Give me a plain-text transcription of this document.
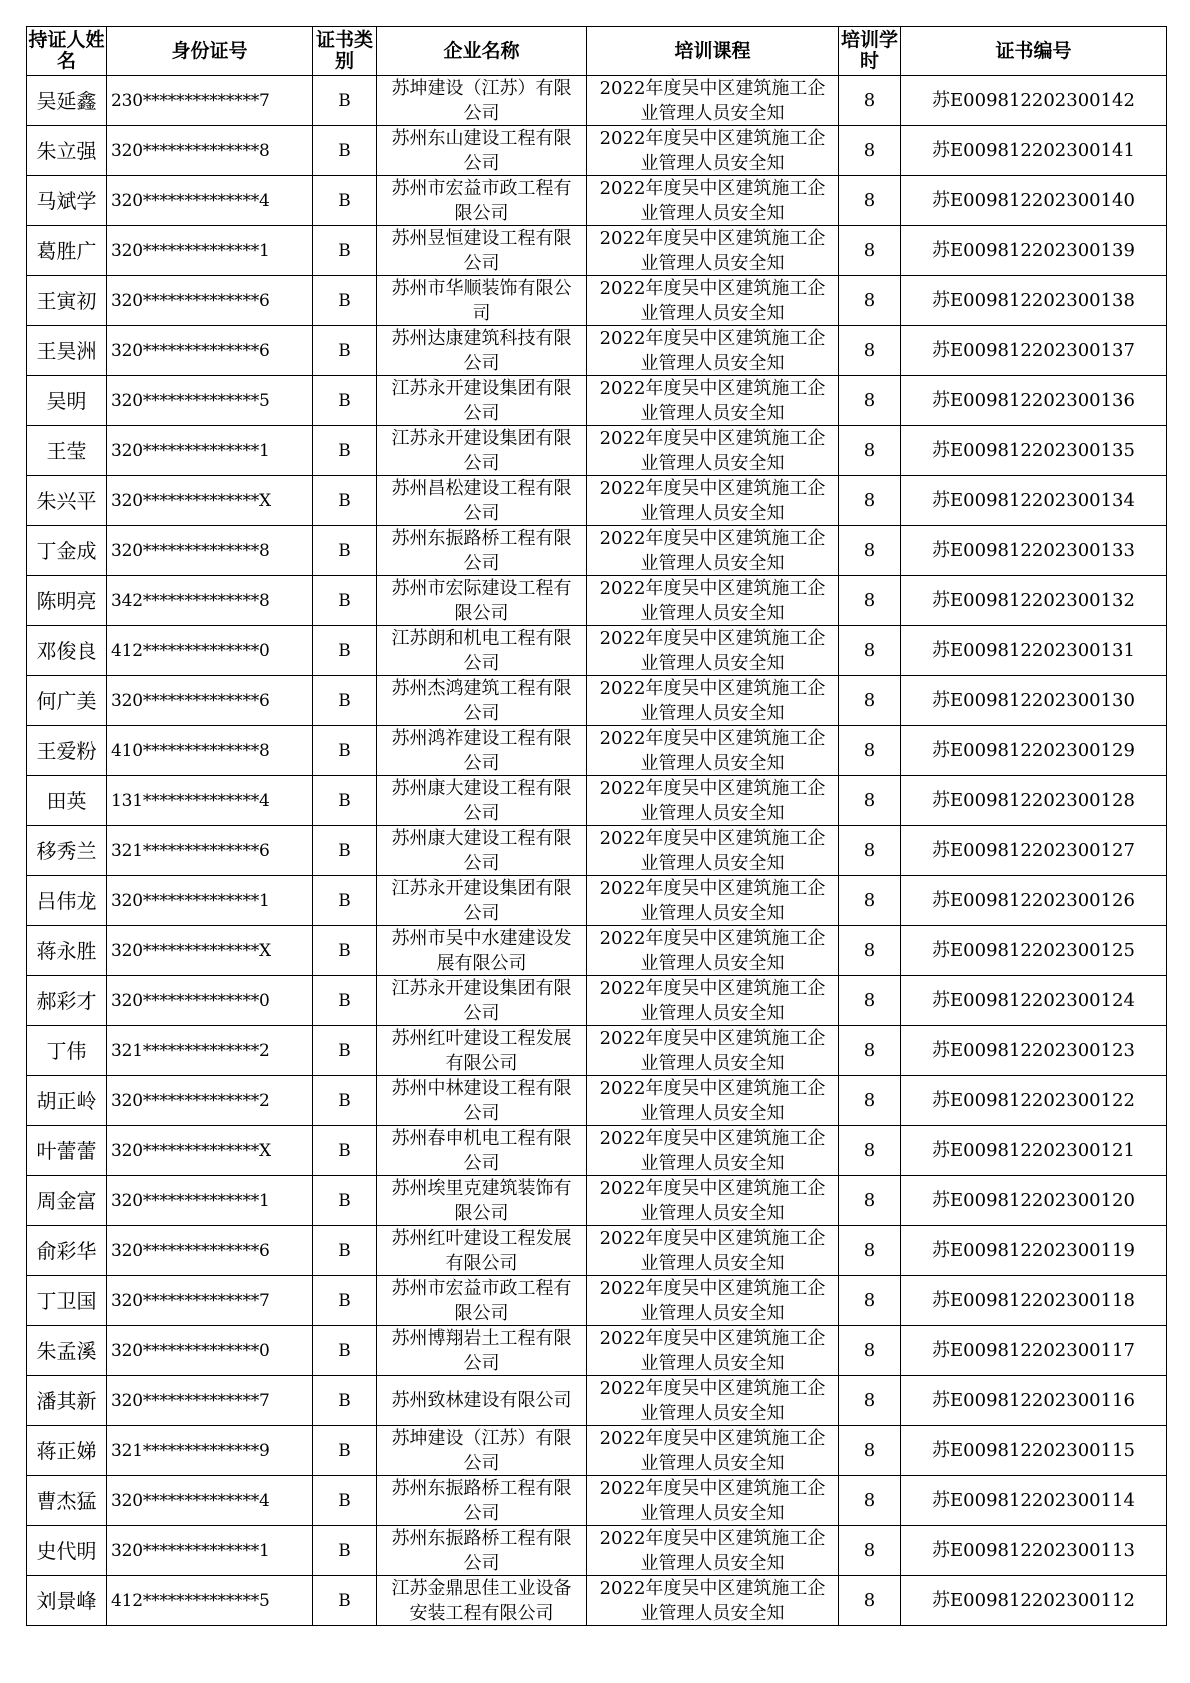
持证人姓名	身份证号	证书类别	企业名称	培训课程	培训学时	证书编号
吴延鑫	230**************7	B	苏坤建设（江苏）有限公司	2022年度吴中区建筑施工企业管理人员安全知	8	苏E009812202300142
朱立强	320**************8	B	苏州东山建设工程有限公司	2022年度吴中区建筑施工企业管理人员安全知	8	苏E009812202300141
马斌学	320**************4	B	苏州市宏益市政工程有限公司	2022年度吴中区建筑施工企业管理人员安全知	8	苏E009812202300140
葛胜广	320**************1	B	苏州昱恒建设工程有限公司	2022年度吴中区建筑施工企业管理人员安全知	8	苏E009812202300139
王寅初	320**************6	B	苏州市华顺装饰有限公司	2022年度吴中区建筑施工企业管理人员安全知	8	苏E009812202300138
王昊洲	320**************6	B	苏州达康建筑科技有限公司	2022年度吴中区建筑施工企业管理人员安全知	8	苏E009812202300137
吴明	320**************5	B	江苏永开建设集团有限公司	2022年度吴中区建筑施工企业管理人员安全知	8	苏E009812202300136
王莹	320**************1	B	江苏永开建设集团有限公司	2022年度吴中区建筑施工企业管理人员安全知	8	苏E009812202300135
朱兴平	320**************X	B	苏州昌松建设工程有限公司	2022年度吴中区建筑施工企业管理人员安全知	8	苏E009812202300134
丁金成	320**************8	B	苏州东振路桥工程有限公司	2022年度吴中区建筑施工企业管理人员安全知	8	苏E009812202300133
陈明亮	342**************8	B	苏州市宏际建设工程有限公司	2022年度吴中区建筑施工企业管理人员安全知	8	苏E009812202300132
邓俊良	412**************0	B	江苏朗和机电工程有限公司	2022年度吴中区建筑施工企业管理人员安全知	8	苏E009812202300131
何广美	320**************6	B	苏州杰鸿建筑工程有限公司	2022年度吴中区建筑施工企业管理人员安全知	8	苏E009812202300130
王爱粉	410**************8	B	苏州鸿祚建设工程有限公司	2022年度吴中区建筑施工企业管理人员安全知	8	苏E009812202300129
田英	131**************4	B	苏州康大建设工程有限公司	2022年度吴中区建筑施工企业管理人员安全知	8	苏E009812202300128
移秀兰	321**************6	B	苏州康大建设工程有限公司	2022年度吴中区建筑施工企业管理人员安全知	8	苏E009812202300127
吕伟龙	320**************1	B	江苏永开建设集团有限公司	2022年度吴中区建筑施工企业管理人员安全知	8	苏E009812202300126
蒋永胜	320**************X	B	苏州市吴中水建建设发展有限公司	2022年度吴中区建筑施工企业管理人员安全知	8	苏E009812202300125
郝彩才	320**************0	B	江苏永开建设集团有限公司	2022年度吴中区建筑施工企业管理人员安全知	8	苏E009812202300124
丁伟	321**************2	B	苏州红叶建设工程发展有限公司	2022年度吴中区建筑施工企业管理人员安全知	8	苏E009812202300123
胡正岭	320**************2	B	苏州中林建设工程有限公司	2022年度吴中区建筑施工企业管理人员安全知	8	苏E009812202300122
叶蕾蕾	320**************X	B	苏州春申机电工程有限公司	2022年度吴中区建筑施工企业管理人员安全知	8	苏E009812202300121
周金富	320**************1	B	苏州埃里克建筑装饰有限公司	2022年度吴中区建筑施工企业管理人员安全知	8	苏E009812202300120
俞彩华	320**************6	B	苏州红叶建设工程发展有限公司	2022年度吴中区建筑施工企业管理人员安全知	8	苏E009812202300119
丁卫国	320**************7	B	苏州市宏益市政工程有限公司	2022年度吴中区建筑施工企业管理人员安全知	8	苏E009812202300118
朱孟溪	320**************0	B	苏州博翔岩土工程有限公司	2022年度吴中区建筑施工企业管理人员安全知	8	苏E009812202300117
潘其新	320**************7	B	苏州致林建设有限公司	2022年度吴中区建筑施工企业管理人员安全知	8	苏E009812202300116
蒋正娣	321**************9	B	苏坤建设（江苏）有限公司	2022年度吴中区建筑施工企业管理人员安全知	8	苏E009812202300115
曹杰猛	320**************4	B	苏州东振路桥工程有限公司	2022年度吴中区建筑施工企业管理人员安全知	8	苏E009812202300114
史代明	320**************1	B	苏州东振路桥工程有限公司	2022年度吴中区建筑施工企业管理人员安全知	8	苏E009812202300113
刘景峰	412**************5	B	江苏金鼎思佳工业设备安装工程有限公司	2022年度吴中区建筑施工企业管理人员安全知	8	苏E009812202300112
